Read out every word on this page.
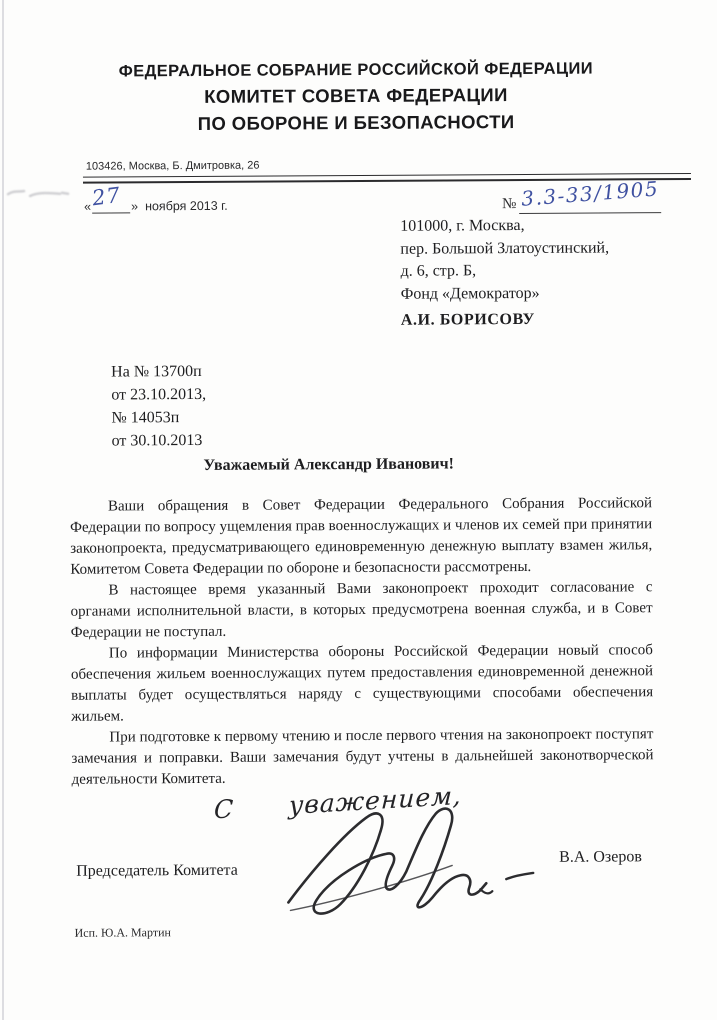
ФЕДЕРАЛЬНОЕ СОБРАНИЕ РОССИЙСКОЙ ФЕДЕРАЦИИ
КОМИТЕТ СОВЕТА ФЕДЕРАЦИИ
ПО ОБОРОНЕ И БЕЗОПАСНОСТИ
103426, Москва, Б. Дмитровка, 26
«	» ноября 2013 г.
27	№ 3.3-33/1905
101000, г. Москва,
пер. Большой Златоустинский,
д. 6, стр. Б,
Фонд «Демократор»
А.И. БОРИСОВУ
На № 13700п
от 23.10.2013,
№ 14053п
от 30.10.2013
Уважаемый Александр Иванович!

Ваши обращения в Совет Федерации Федерального Собрания Российской Федерации по вопросу ущемления прав военнослужащих и членов их семей при принятии законопроекта, предусматривающего единовременную денежную выплату взамен жилья, Комитетом Совета Федерации по обороне и безопасности рассмотрены.

В настоящее время указанный Вами законопроект проходит согласование с органами исполнительной власти, в которых предусмотрена военная служба, и в Совет Федерации не поступал.

По информации Министерства обороны Российской Федерации новый способ обеспечения жильем военнослужащих путем предоставления единовременной денежной выплаты будет осуществляться наряду с существующими способами обеспечения жильем.

При подготовке к первому чтению и после первого чтения на законопроект поступят замечания и поправки. Ваши замечания будут учтены в дальнейшей законотворческой деятельности Комитета.

С уважением,
Председатель Комитета
В.А. Озеров
Исп. Ю.А. Мартин
